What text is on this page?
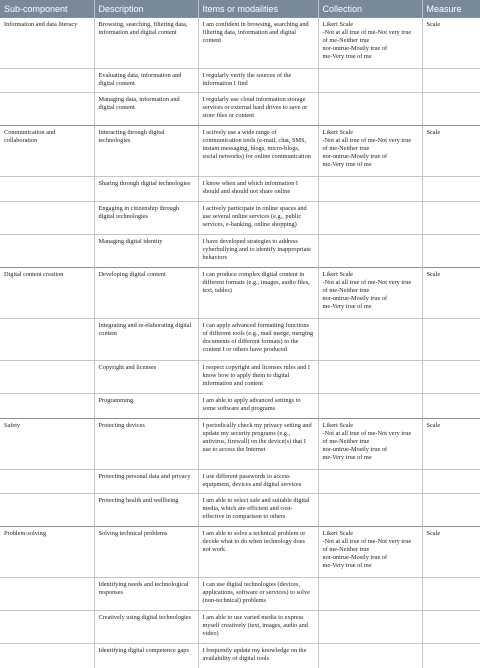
Sub-component	Description	Items or modalities	Collection	Measure
Information and data literacy	Browsing, searching, filtering data, information and digital content	I am confident in browsing, searching and filtering data, information and digital content	Likert Scale
-Not at all true of me-Not very true
of me-Neither true
nor-untrue-Mostly true of
me-Very true of me	Scale
	Evaluating data, information and digital content	I regularly verify the sources of the information I find		
	Managing data, information and digital content	I regularly use cloud information storage services or external hard drives to save or store files or content		
Communication and collaboration	Interacting through digital technologies	I actively use a wide range of communication tools (e-mail, chat, SMS, instant messaging, blogs, micro-blogs, social networks) for online communication	Likert Scale
-Not at all true of me-Not very true
of me-Neither true
nor-untrue-Mostly true of
me-Very true of me	Scale
	Sharing through digital technologies	I know when and which information I should and should not share online		
	Engaging in citizenship through digital technologies	I actively participate in online spaces and use several online services (e.g., public services, e-banking, online shopping)		
	Managing digital identity	I have developed strategies to address cyberbullying and to identify inappropriate behaviors		
Digital content creation	Developing digital content	I can produce complex digital content in different formats (e.g., images, audio files, text, tables)	Likert Scale
-Not at all true of me-Not very true
of me-Neither true
nor-untrue-Mostly true of
me-Very true of me	Scale
	Integrating and re-elaborating digital content	I can apply advanced formatting functions of different tools (e.g., mail merge, merging documents of different formats) to the content I or others have produced		
	Copyright and licenses	I respect copyright and licenses rules and I know how to apply them to digital information and content		
	Programming	I am able to apply advanced settings to some software and programs		
Safety	Protecting devices	I periodically check my privacy setting and update my security programs (e.g., antivirus, firewall) on the device(s) that I use to access the Internet	Likert Scale
-Not at all true of me-Not very true
of me-Neither true
nor-untrue-Mostly true of
me-Very true of me	Scale
	Protecting personal data and privacy	I use different passwords to access equipment, devices and digital services		
	Protecting health and wellbeing	I am able to select safe and suitable digital media, which are efficient and cost-effective in comparison to others		
Problem-solving	Solving technical problems	I am able to solve a technical problem or decide what to do when technology does not work	Likert Scale
-Not at all true of me-Not very true
of me-Neither true
nor-untrue-Mostly true of
me-Very true of me	Scale
	Identifying needs and technological responses	I can use digital technologies (devices, applications, software or services) to solve (non-technical) problems		
	Creatively using digital technologies	I am able to use varied media to express myself creatively (text, images, audio and video)		
	Identifying digital competence gaps	I frequently update my knowledge on the availability of digital tools		
